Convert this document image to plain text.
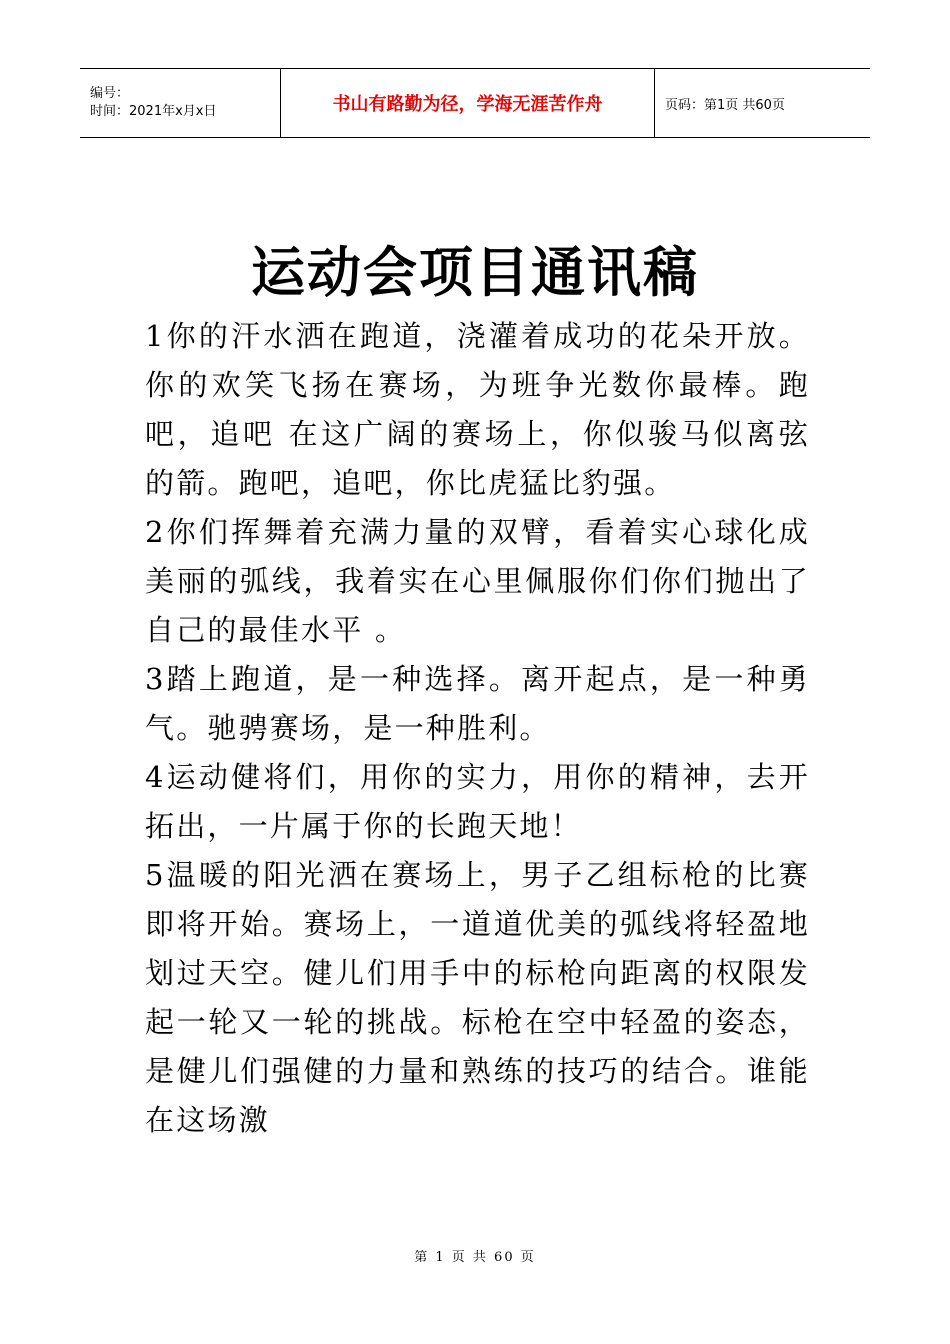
编号：
时间：2021年x月x日	书山有路勤为径，学海无涯苦作舟	页码：第1页 共60页
运动会项目通讯稿

1你的汗水洒在跑道，浇灌着成功的花朵开放。你的欢笑飞扬在赛场，为班争光数你最棒。跑吧，追吧 在这广阔的赛场上，你似骏马似离弦的箭。跑吧，追吧，你比虎猛比豹强。

2你们挥舞着充满力量的双臂，看着实心球化成美丽的弧线，我着实在心里佩服你们你们抛出了自己的最佳水平 。

3踏上跑道，是一种选择。离开起点，是一种勇气。驰骋赛场，是一种胜利。

4运动健将们，用你的实力，用你的精神，去开拓出，一片属于你的长跑天地！

5温暖的阳光洒在赛场上，男子乙组标枪的比赛即将开始。赛场上，一道道优美的弧线将轻盈地划过天空。健儿们用手中的标枪向距离的权限发起一轮又一轮的挑战。标枪在空中轻盈的姿态，是健儿们强健的力量和熟练的技巧的结合。谁能在这场激

第 1 页 共 60 页
